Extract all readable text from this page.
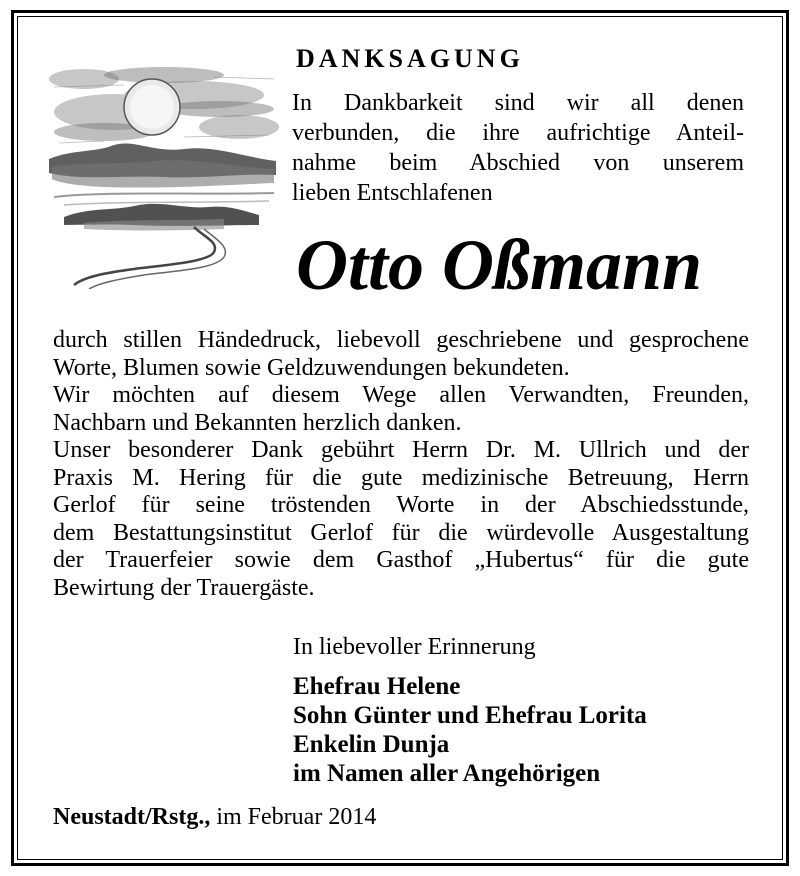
DANKSAGUNG
In Dankbarkeit sind wir all denen
verbunden, die ihre aufrichtige Anteil-
nahme beim Abschied von unserem
lieben Entschlafenen
Otto Oßmann
durch stillen Händedruck, liebevoll geschriebene und gesprochene
Worte, Blumen sowie Geldzuwendungen bekundeten.
Wir möchten auf diesem Wege allen Verwandten, Freunden,
Nachbarn und Bekannten herzlich danken.
Unser besonderer Dank gebührt Herrn Dr. M. Ullrich und der
Praxis M. Hering für die gute medizinische Betreuung, Herrn
Gerlof für seine tröstenden Worte in der Abschiedsstunde,
dem Bestattungsinstitut Gerlof für die würdevolle Ausgestaltung
der Trauerfeier sowie dem Gasthof „Hubertus“ für die gute
Bewirtung der Trauergäste.
In liebevoller Erinnerung
Ehefrau Helene
Sohn Günter und Ehefrau Lorita
Enkelin Dunja
im Namen aller Angehörigen
Neustadt/Rstg., im Februar 2014
